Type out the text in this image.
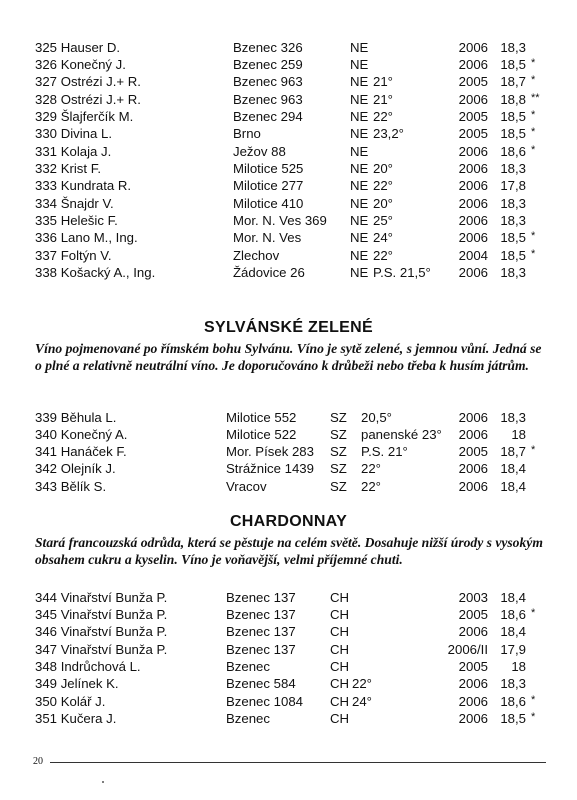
325 Hauser D.	Bzenec 326	NE	2006 18,3
326 Konečný J.	Bzenec 259	NE	2006 18,5 *
327 Ostrézi J.+ R.	Bzenec 963	NE 21°	2005 18,7 *
328 Ostrézi J.+ R.	Bzenec 963	NE 21°	2006 18,8 **
329 Šlajferčík M.	Bzenec 294	NE 22°	2005 18,5 *
330 Divina L.	Brno	NE 23,2°	2005 18,5 *
331 Kolaja J.	Ježov 88	NE	2006 18,6 *
332 Krist F.	Milotice 525	NE 20°	2006 18,3
333 Kundrata R.	Milotice 277	NE 22°	2006 17,8
334 Šnajdr V.	Milotice 410	NE 20°	2006 18,3
335 Helešic F.	Mor. N. Ves 369 NE 25°	2006 18,3
336 Lano M., Ing.	Mor. N. Ves	NE 24°	2006 18,5 *
337 Foltýn V.	Zlechov	NE 22°	2004 18,5 *
338 Košacký A., Ing.	Žádovice 26	NE P.S. 21,5°	2006 18,3
SYLVÁNSKÉ ZELENÉ

Víno pojmenované po římském bohu Sylvánu. Víno je sytě zelené, s jemnou vůní. Jedná se o plné a relativně neutrální víno. Je doporučováno k drůbeži nebo třeba k husím játrům.

339 Běhula L.	Milotice 552	SZ 20,5°	2006 18,3
340 Konečný A.	Milotice 522	SZ panenské 23°	2006	18
341 Hanáček F.	Mor. Písek 283 SZ P.S. 21°	2005 18,7 *
342 Olejník J.	Strážnice 1439 SZ 22°	2006 18,4
343 Bělík S.	Vracov	SZ 22°	2006 18,4
CHARDONNAY

Stará francouzská odrůda, která se pěstuje na celém světě. Dosahuje nižší úrody s vysokým obsahem cukru a kyselin. Víno je voňavější, velmi příjemné chuti.

344 Vinařství Bunža P.	Bzenec 137	CH	2003 18,4
345 Vinařství Bunža P.	Bzenec 137	CH	2005 18,6 *
346 Vinařství Bunža P.	Bzenec 137	CH	2006 18,4
347 Vinařství Bunža P.	Bzenec 137	CH	2006/II 17,9
348 Indrůchová L.	Bzenec	CH	2005	18
349 Jelínek K.	Bzenec 584	CH 22°	2006 18,3
350 Kolář J.	Bzenec 1084 CH 24°	2006 18,6 *
351 Kučera J.	Bzenec	CH	2006 18,5 *
20
